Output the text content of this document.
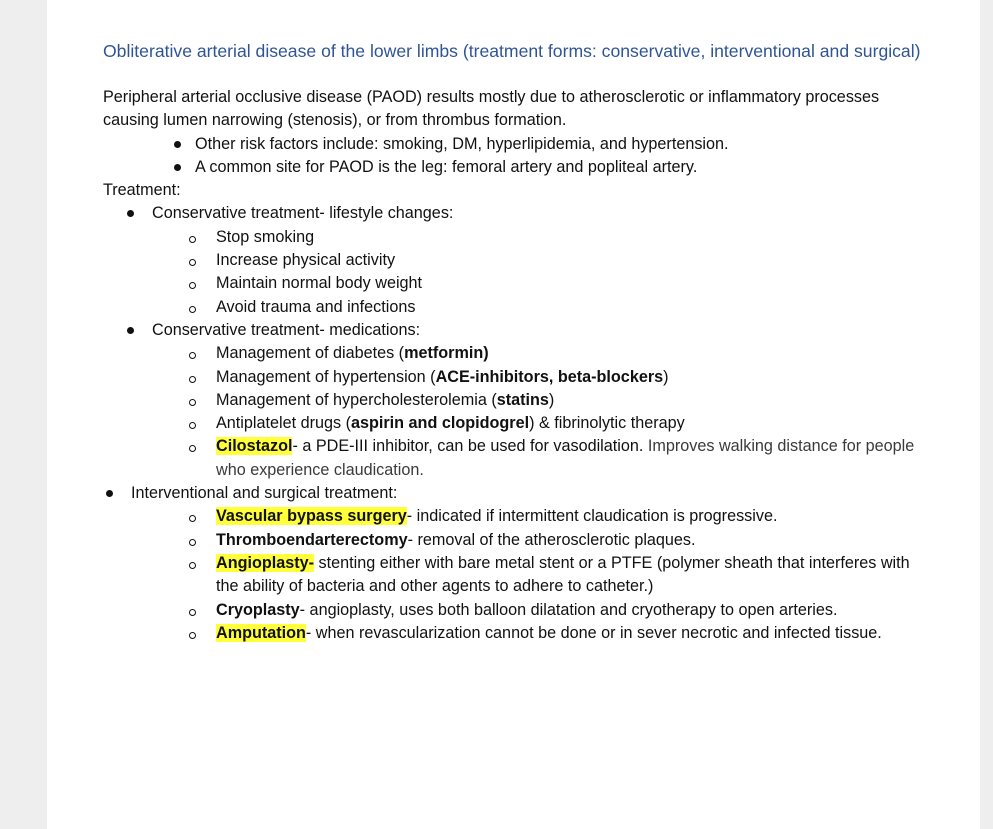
Obliterative arterial disease of the lower limbs (treatment forms: conservative, interventional and surgical)

Peripheral arterial occlusive disease (PAOD) results mostly due to atherosclerotic or inflammatory processes causing lumen narrowing (stenosis), or from thrombus formation.

Other risk factors include: smoking, DM, hyperlipidemia, and hypertension.
A common site for PAOD is the leg: femoral artery and popliteal artery.

Treatment:

Conservative treatment- lifestyle changes:
Stop smoking
Increase physical activity
Maintain normal body weight
Avoid trauma and infections
Conservative treatment- medications:
Management of diabetes (metformin)
Management of hypertension (ACE-inhibitors, beta-blockers)
Management of hypercholesterolemia (statins)
Antiplatelet drugs (aspirin and clopidogrel) & fibrinolytic therapy
Cilostazol- a PDE-III inhibitor, can be used for vasodilation. Improves walking distance for people who experience claudication.
Interventional and surgical treatment:
Vascular bypass surgery- indicated if intermittent claudication is progressive.
Thromboendarterectomy- removal of the atherosclerotic plaques.
Angioplasty- stenting either with bare metal stent or a PTFE (polymer sheath that interferes with the ability of bacteria and other agents to adhere to catheter.)
Cryoplasty- angioplasty, uses both balloon dilatation and cryotherapy to open arteries.
Amputation- when revascularization cannot be done or in sever necrotic and infected tissue.
